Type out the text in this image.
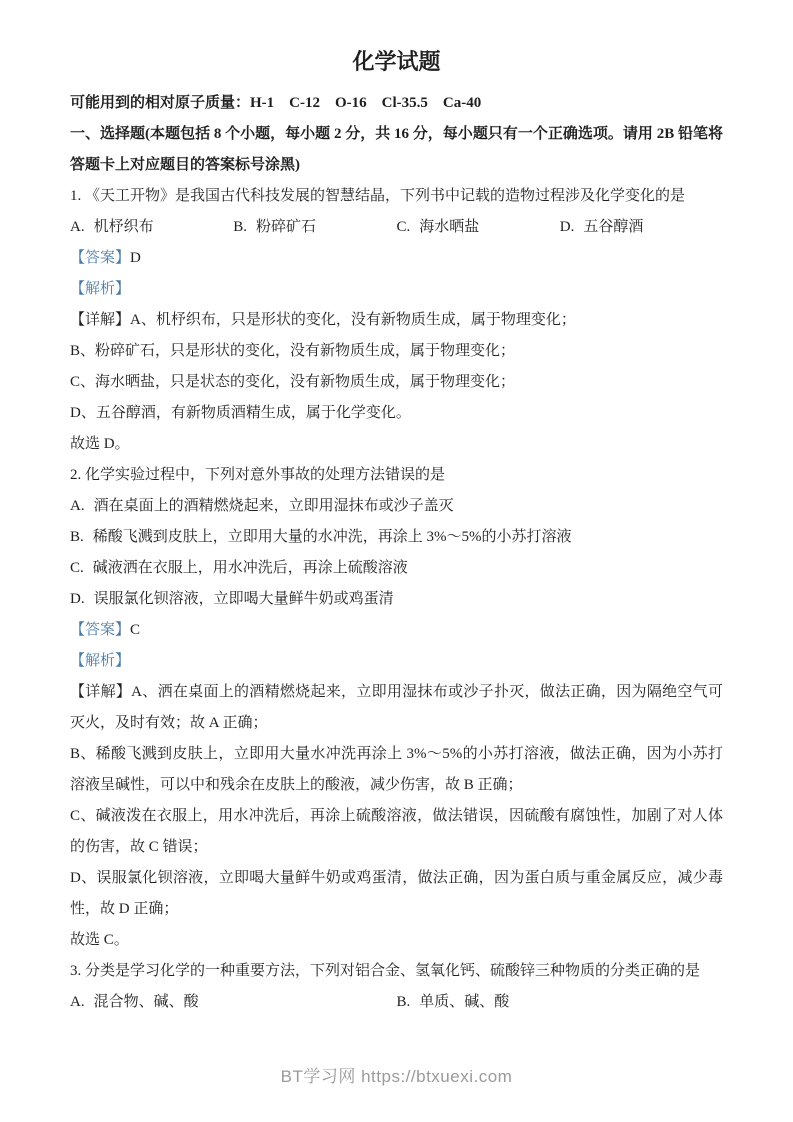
化学试题

可能用到的相对原子质量：H-1　C-12　O-16　Cl-35.5　Ca-40

一、选择题(本题包括 8 个小题，每小题 2 分，共 16 分，每小题只有一个正确选项。请用 2B 铅笔将答题卡上对应题目的答案标号涂黑)

1. 《天工开物》是我国古代科技发展的智慧结晶，下列书中记载的造物过程涉及化学变化的是

A. 机杼织布	B. 粉碎矿石	C. 海水晒盐	D. 五谷醇酒

【答案】D

【解析】

【详解】A、机杼织布，只是形状的变化，没有新物质生成，属于物理变化；

B、粉碎矿石，只是形状的变化，没有新物质生成，属于物理变化；

C、海水晒盐，只是状态的变化，没有新物质生成，属于物理变化；

D、五谷醇酒，有新物质酒精生成，属于化学变化。

故选 D。

2. 化学实验过程中，下列对意外事故的处理方法错误的是

A. 酒在桌面上的酒精燃烧起来，立即用湿抹布或沙子盖灭

B. 稀酸飞溅到皮肤上，立即用大量的水冲洗，再涂上 3%～5%的小苏打溶液

C. 碱液洒在衣服上，用水冲洗后，再涂上硫酸溶液

D. 误服氯化钡溶液，立即喝大量鲜牛奶或鸡蛋清

【答案】C

【解析】

【详解】A、洒在桌面上的酒精燃烧起来，立即用湿抹布或沙子扑灭，做法正确，因为隔绝空气可灭火，及时有效；故 A 正确；

B、稀酸飞溅到皮肤上，立即用大量水冲洗再涂上 3%～5%的小苏打溶液，做法正确，因为小苏打溶液呈碱性，可以中和残余在皮肤上的酸液，减少伤害，故 B 正确；

C、碱液泼在衣服上，用水冲洗后，再涂上硫酸溶液，做法错误，因硫酸有腐蚀性，加剧了对人体的伤害，故 C 错误；

D、误服氯化钡溶液，立即喝大量鲜牛奶或鸡蛋清，做法正确，因为蛋白质与重金属反应，减少毒性，故 D 正确；

故选 C。

3. 分类是学习化学的一种重要方法，下列对铝合金、氢氧化钙、硫酸锌三种物质的分类正确的是

A. 混合物、碱、酸	B. 单质、碱、酸
BT学习网 https://btxuexi.com
